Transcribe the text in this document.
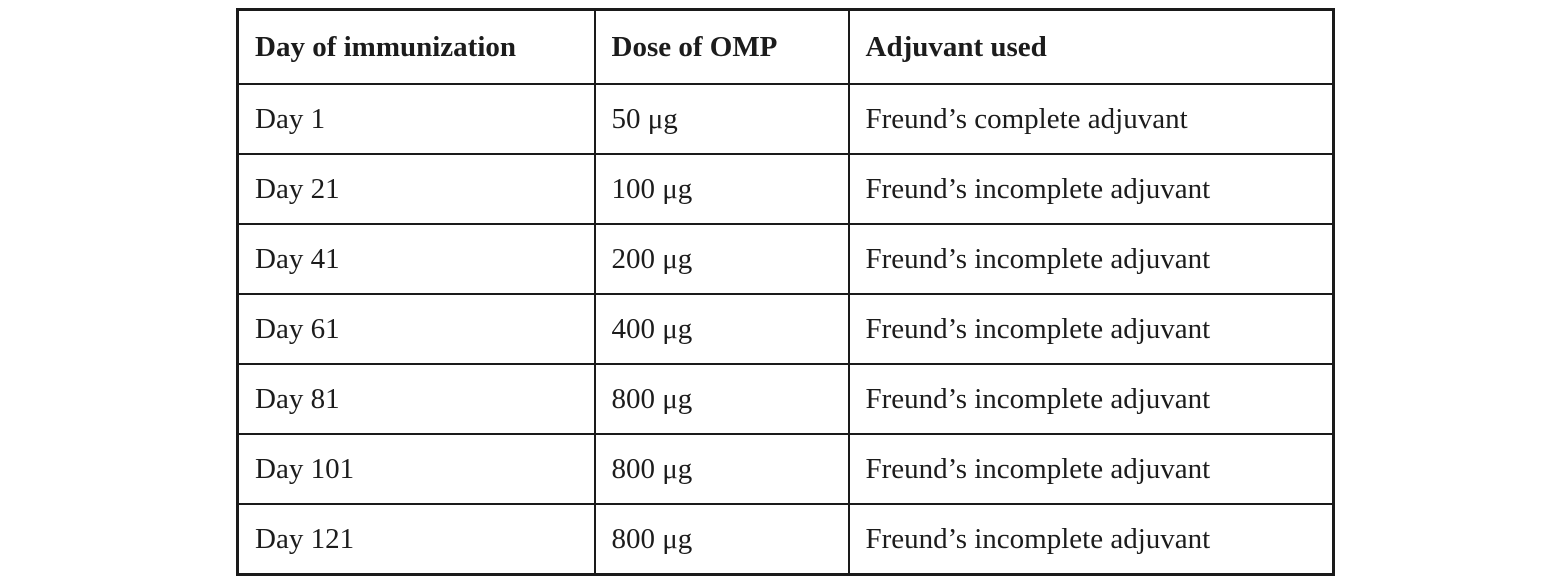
Day of immunization	Dose of OMP	Adjuvant used
Day 1	50 μg	Freund’s complete adjuvant
Day 21	100 μg	Freund’s incomplete adjuvant
Day 41	200 μg	Freund’s incomplete adjuvant
Day 61	400 μg	Freund’s incomplete adjuvant
Day 81	800 μg	Freund’s incomplete adjuvant
Day 101	800 μg	Freund’s incomplete adjuvant
Day 121	800 μg	Freund’s incomplete adjuvant
